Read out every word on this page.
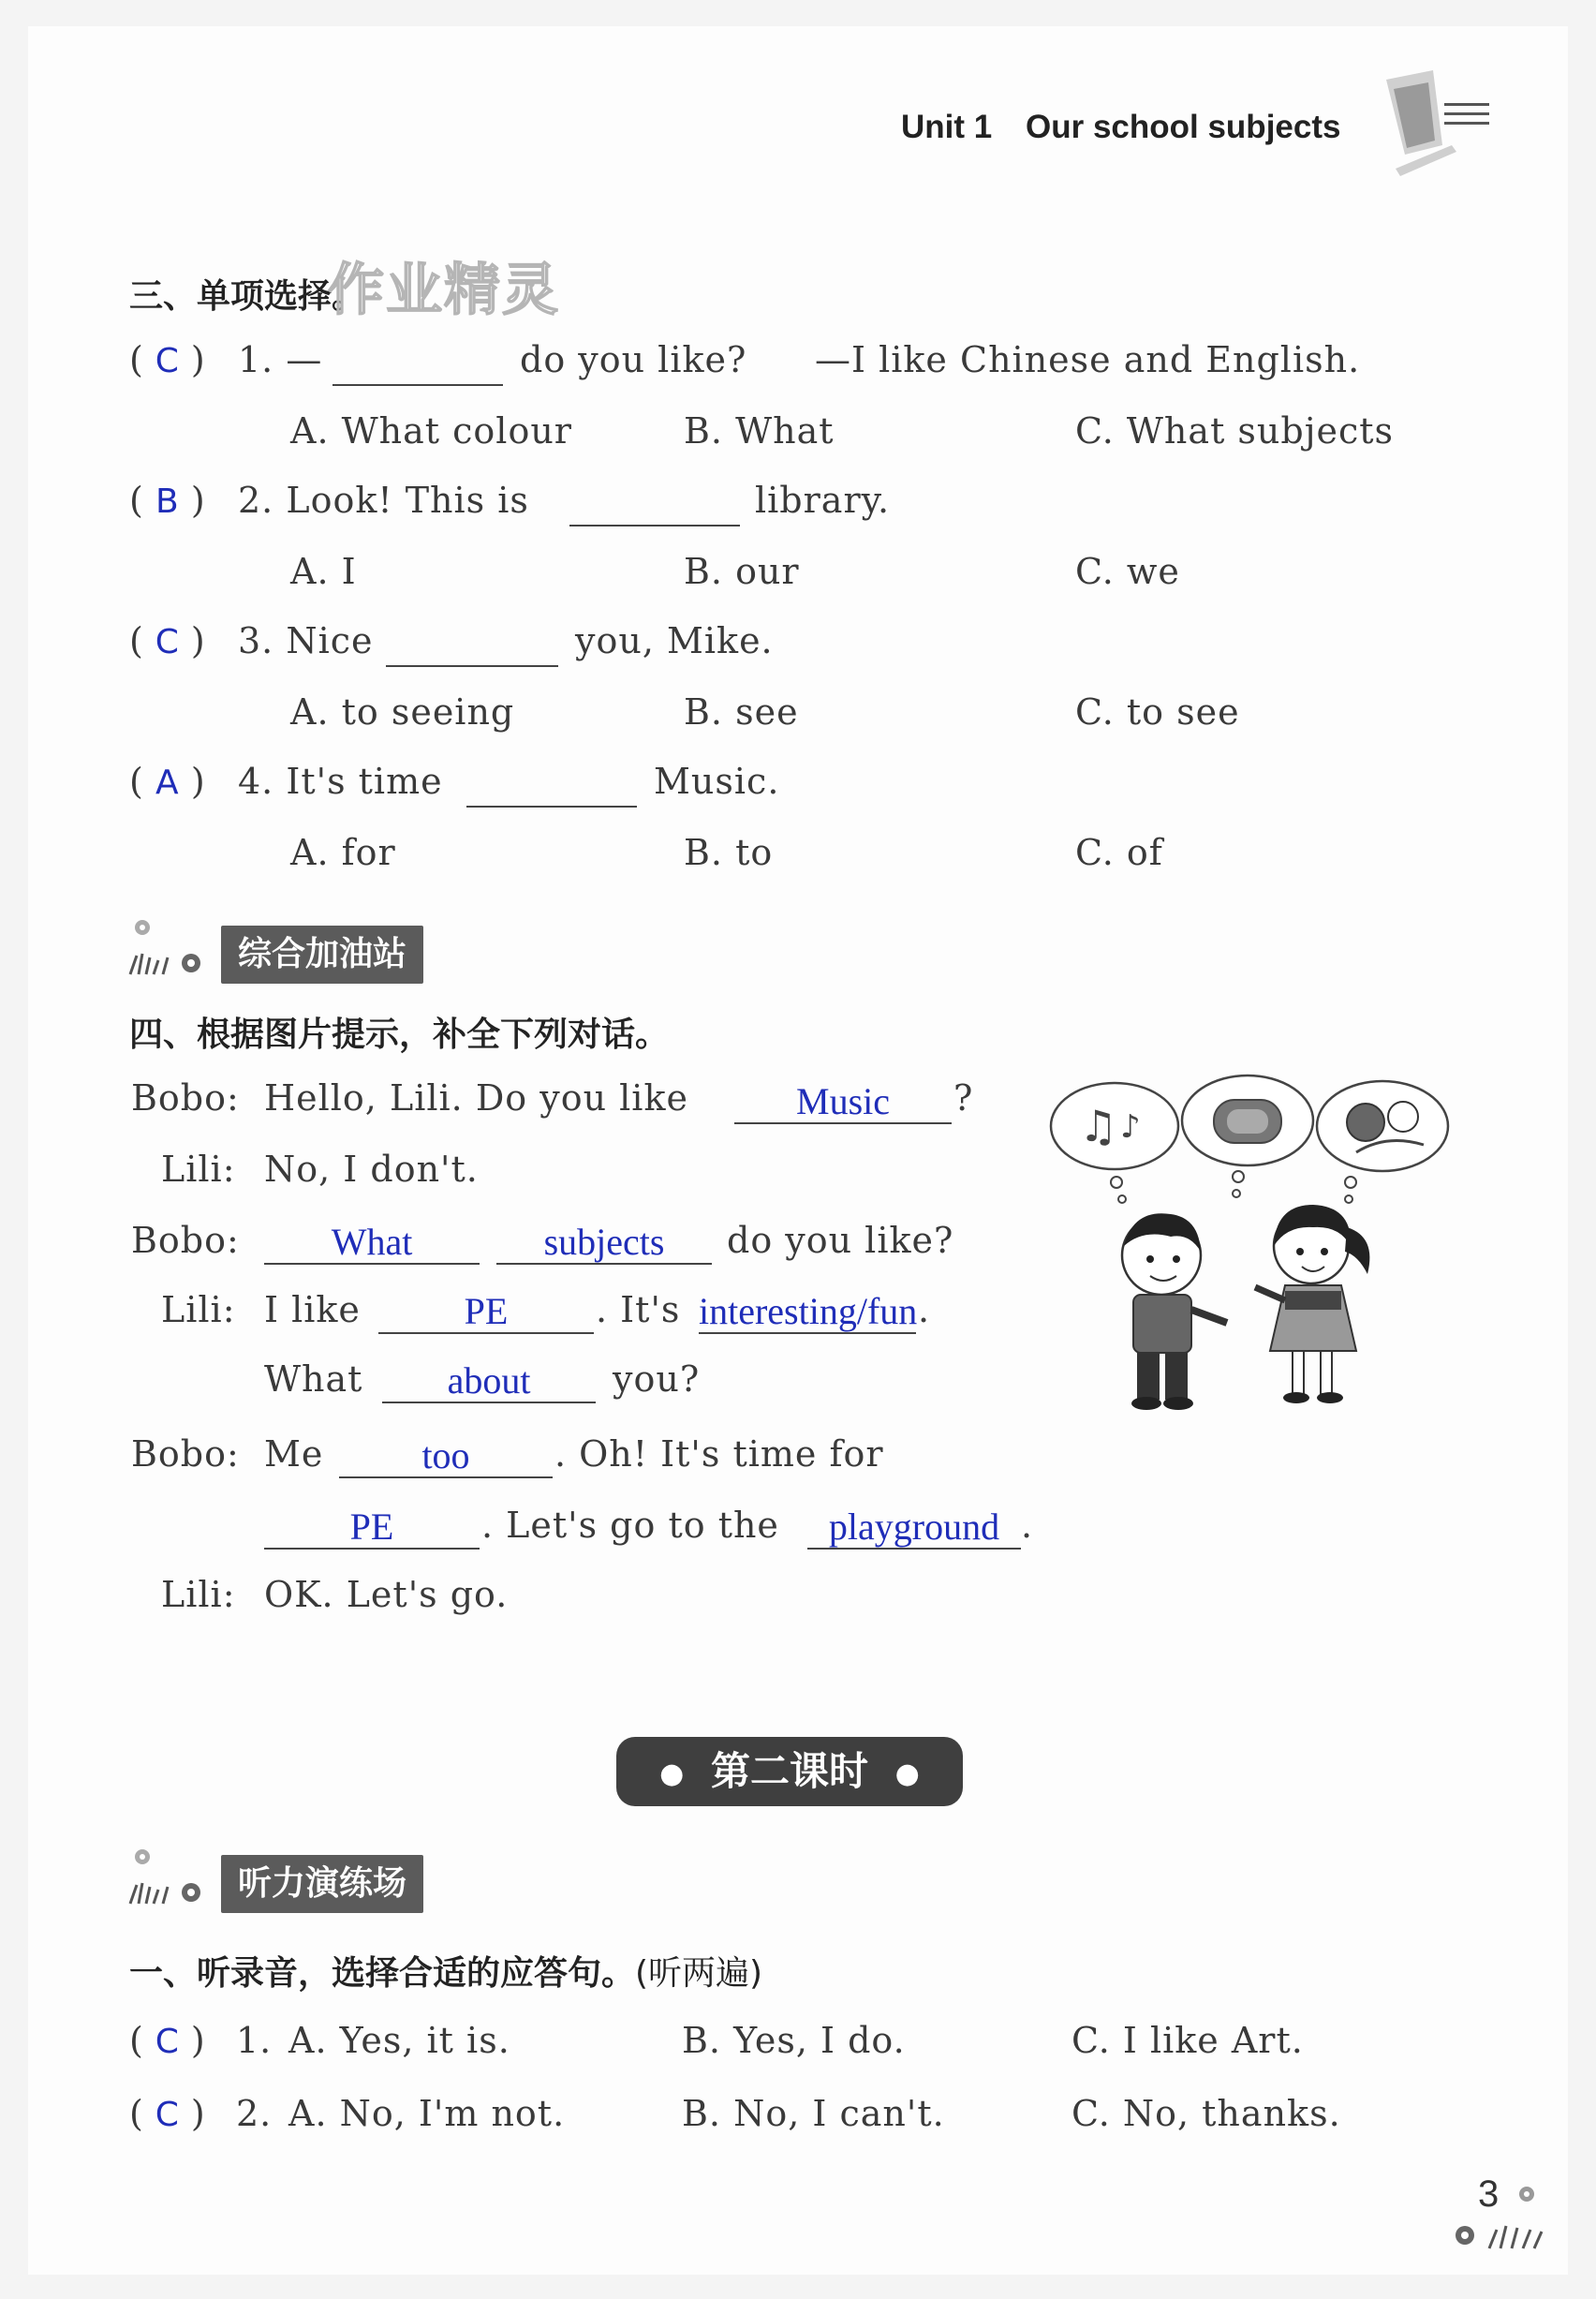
Unit 1 Our school subjects
三、单项选择。
作业精灵
( C ) 1. —	do you like? —I like Chinese and English.
A. What colour	B. What	C. What subjects
( B ) 2. Look! This is	library.
A. I	B. our	C. we
( C ) 3. Nice	you, Mike.
A. to seeing	B. see	C. to see
( A ) 4. It's time	Music.
A. for	B. to	C. of
综合加油站
四、根据图片提示，补全下列对话。
Bobo: Hello, Lili. Do you like	Music	?
Lili: No, I don't.
Bobo:	What	subjects	do you like?
Lili: I like	PE	. It's interesting/fun .
What	about	you?
Bobo: Me	too	. Oh! It's time for
PE	. Let's go to the	playground .
Lili: OK. Let's go.
♫ ♪
● 第二课时 ●
听力演练场
一、听录音，选择合适的应答句。(听两遍)
( C ) 1. A. Yes, it is.	B. Yes, I do.	C. I like Art.
( C ) 2. A. No, I'm not.	B. No, I can't.	C. No, thanks.
3
